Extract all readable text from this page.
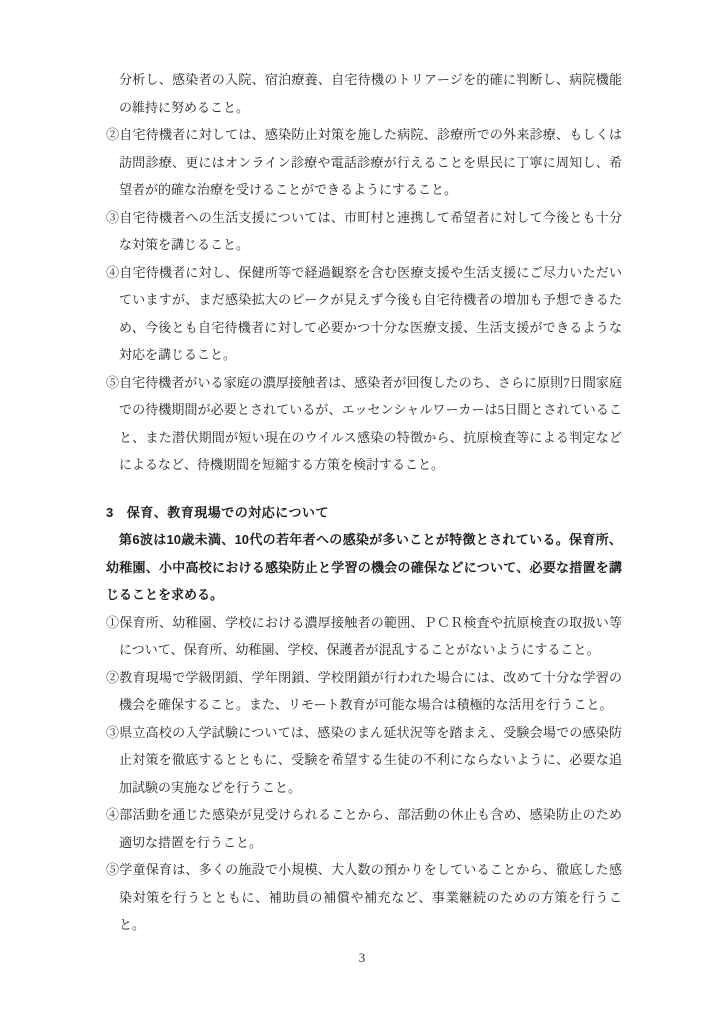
分析し、感染者の入院、宿泊療養、自宅待機のトリアージを的確に判断し、病院機能の維持に努めること。
②自宅待機者に対しては、感染防止対策を施した病院、診療所での外来診療、もしくは訪問診療、更にはオンライン診療や電話診療が行えることを県民に丁寧に周知し、希望者が的確な治療を受けることができるようにすること。
③自宅待機者への生活支援については、市町村と連携して希望者に対して今後とも十分な対策を講じること。
④自宅待機者に対し、保健所等で経過観察を含む医療支援や生活支援にご尽力いただいていますが、まだ感染拡大のピークが見えず今後も自宅待機者の増加も予想できるため、今後とも自宅待機者に対して必要かつ十分な医療支援、生活支援ができるような対応を講じること。
⑤自宅待機者がいる家庭の濃厚接触者は、感染者が回復したのち、さらに原則7日間家庭での待機期間が必要とされているが、エッセンシャルワーカーは5日間とされていること、また潜伏期間が短い現在のウイルス感染の特徴から、抗原検査等による判定などによるなど、待機期間を短縮する方策を検討すること。
3 保育、教育現場での対応について
第6波は10歳未満、10代の若年者への感染が多いことが特徴とされている。保育所、幼稚園、小中高校における感染防止と学習の機会の確保などについて、必要な措置を講じることを求める。
①保育所、幼稚園、学校における濃厚接触者の範囲、ＰＣＲ検査や抗原検査の取扱い等について、保育所、幼稚園、学校、保護者が混乱することがないようにすること。
②教育現場で学級閉鎖、学年閉鎖、学校閉鎖が行われた場合には、改めて十分な学習の機会を確保すること。また、リモート教育が可能な場合は積極的な活用を行うこと。
③県立高校の入学試験については、感染のまん延状況等を踏まえ、受験会場での感染防止対策を徹底するとともに、受験を希望する生徒の不利にならないように、必要な追加試験の実施などを行うこと。
④部活動を通じた感染が見受けられることから、部活動の休止も含め、感染防止のため適切な措置を行うこと。
⑤学童保育は、多くの施設で小規模、大人数の預かりをしていることから、徹底した感染対策を行うとともに、補助員の補償や補充など、事業継続のための方策を行うこと。
3
